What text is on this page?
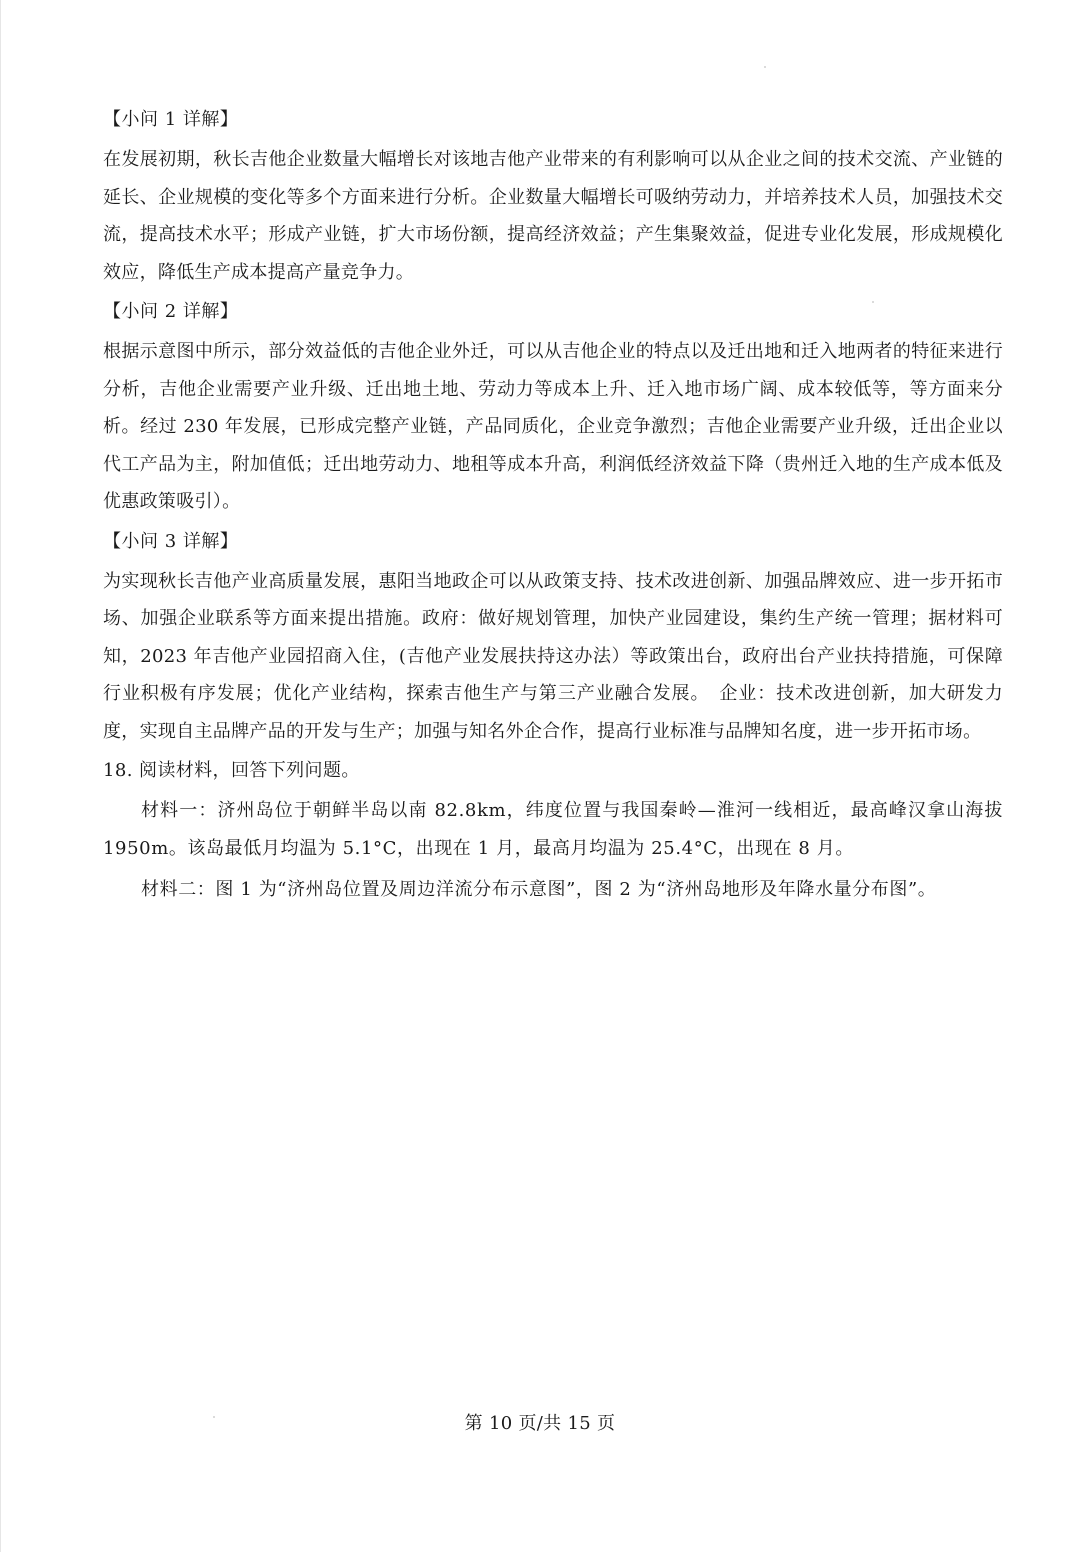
【小问 1 详解】
在发展初期，秋长吉他企业数量大幅增长对该地吉他产业带来的有利影响可以从企业之间的技术交流、产业链的延长、企业规模的变化等多个方面来进行分析。企业数量大幅增长可吸纳劳动力，并培养技术人员，加强技术交流，提高技术水平；形成产业链，扩大市场份额，提高经济效益；产生集聚效益，促进专业化发展，形成规模化效应，降低生产成本提高产量竞争力。
【小问 2 详解】
根据示意图中所示，部分效益低的吉他企业外迁，可以从吉他企业的特点以及迁出地和迁入地两者的特征来进行分析，吉他企业需要产业升级、迁出地土地、劳动力等成本上升、迁入地市场广阔、成本较低等，等方面来分析。经过 230 年发展，已形成完整产业链，产品同质化，企业竞争激烈；吉他企业需要产业升级，迁出企业以代工产品为主，附加值低；迁出地劳动力、地租等成本升高，利润低经济效益下降（贵州迁入地的生产成本低及优惠政策吸引）。
【小问 3 详解】
为实现秋长吉他产业高质量发展，惠阳当地政企可以从政策支持、技术改进创新、加强品牌效应、进一步开拓市场、加强企业联系等方面来提出措施。政府：做好规划管理，加快产业园建设，集约生产统一管理；据材料可知，2023 年吉他产业园招商入住，(吉他产业发展扶持这办法）等政策出台，政府出台产业扶持措施，可保障行业积极有序发展；优化产业结构，探索吉他生产与第三产业融合发展。　企业：技术改进创新，加大研发力度，实现自主品牌产品的开发与生产；加强与知名外企合作，提高行业标准与品牌知名度，进一步开拓市场。
18. 阅读材料，回答下列问题。
材料一：济州岛位于朝鲜半岛以南 82.8km，纬度位置与我国秦岭—淮河一线相近，最高峰汉拿山海拔 1950m。该岛最低月均温为 5.1°C，出现在 1 月，最高月均温为 25.4°C，出现在 8 月。
材料二：图 1 为“济州岛位置及周边洋流分布示意图”，图 2 为“济州岛地形及年降水量分布图”。
第 10 页/共 15 页
